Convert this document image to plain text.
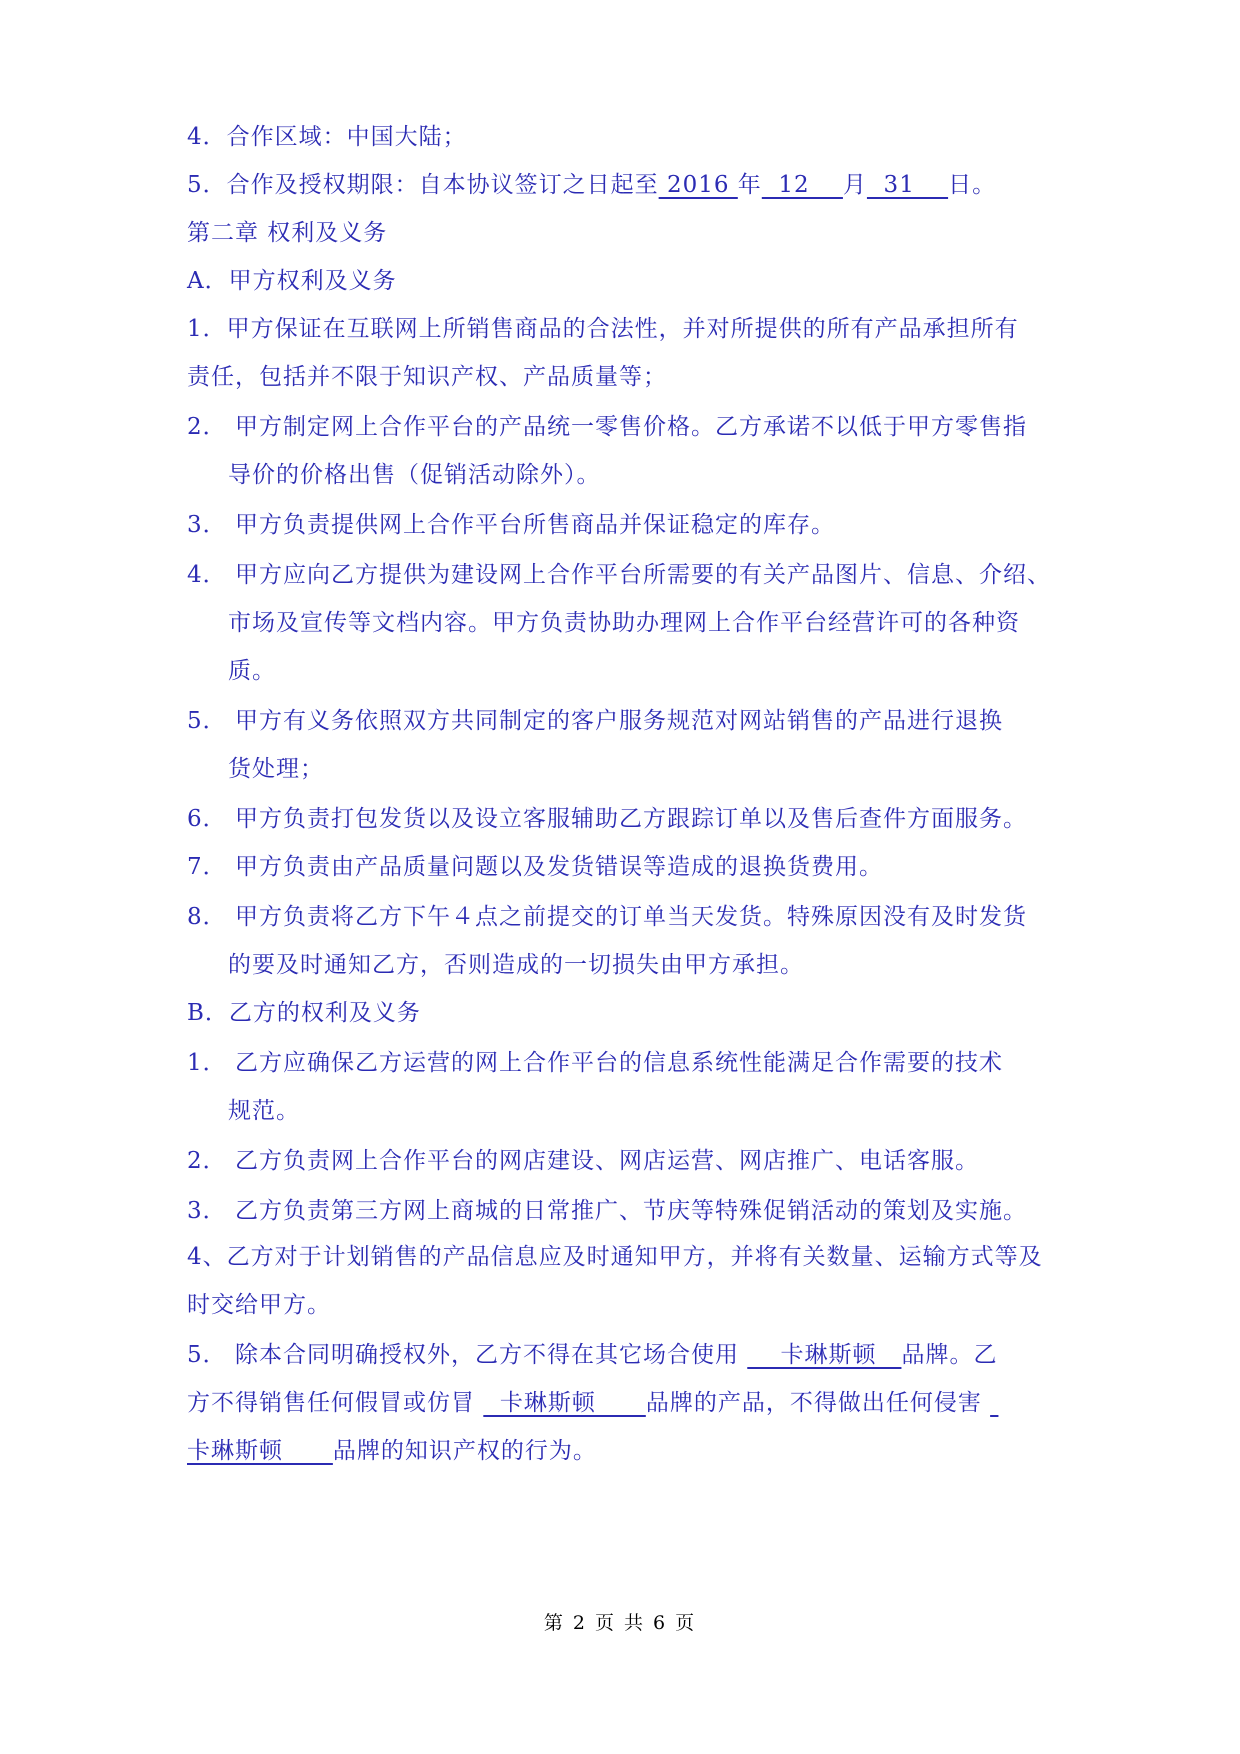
4．合作区域：中国大陆；
5．合作及授权期限：自本协议签订之日起至 2016 年  12    月  31    日。
第二章 权利及义务
A．甲方权利及义务
1．甲方保证在互联网上所销售商品的合法性，并对所提供的所有产品承担所有
责任，包括并不限于知识产权、产品质量等；
2． 甲方制定网上合作平台的产品统一零售价格。乙方承诺不以低于甲方零售指
导价的价格出售（促销活动除外）。
3． 甲方负责提供网上合作平台所售商品并保证稳定的库存。
4． 甲方应向乙方提供为建设网上合作平台所需要的有关产品图片、信息、介绍、
市场及宣传等文档内容。甲方负责协助办理网上合作平台经营许可的各种资
质。
5． 甲方有义务依照双方共同制定的客户服务规范对网站销售的产品进行退换
货处理；
6． 甲方负责打包发货以及设立客服辅助乙方跟踪订单以及售后查件方面服务。
7． 甲方负责由产品质量问题以及发货错误等造成的退换货费用。
8． 甲方负责将乙方下午４点之前提交的订单当天发货。特殊原因没有及时发货
的要及时通知乙方，否则造成的一切损失由甲方承担。
B．乙方的权利及义务
1． 乙方应确保乙方运营的网上合作平台的信息系统性能满足合作需要的技术
规范。
2． 乙方负责网上合作平台的网店建设、网店运营、网店推广、电话客服。
3． 乙方负责第三方网上商城的日常推广、节庆等特殊促销活动的策划及实施。
4、乙方对于计划销售的产品信息应及时通知甲方，并将有关数量、运输方式等及
时交给甲方。
5． 除本合同明确授权外，乙方不得在其它场合使用     卡琳斯顿   品牌。乙
方不得销售任何假冒或仿冒   卡琳斯顿      品牌的产品，不得做出任何侵害
卡琳斯顿      品牌的知识产权的行为。
第 2 页 共 6 页
